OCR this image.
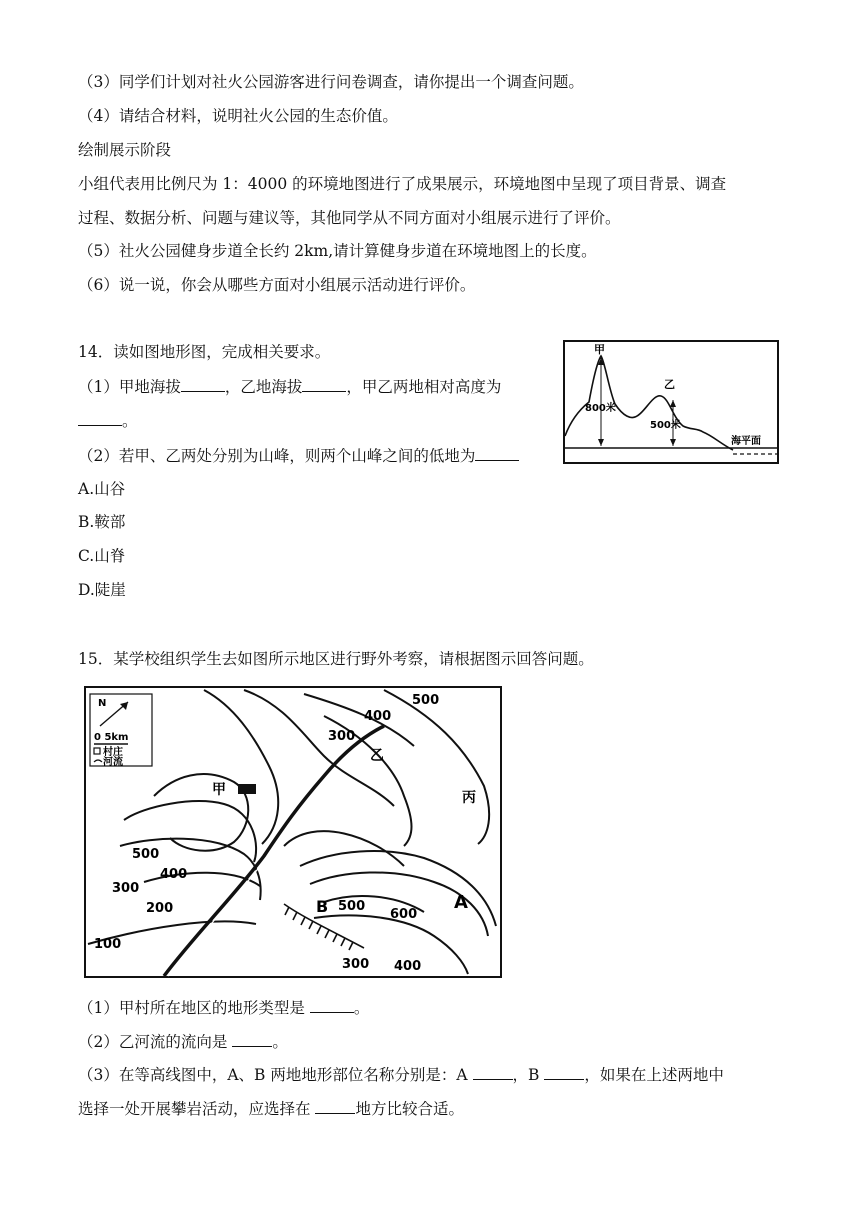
（3）同学们计划对社火公园游客进行问卷调查，请你提出一个调查问题。
（4）请结合材料，说明社火公园的生态价值。
绘制展示阶段
小组代表用比例尺为 1：4000 的环境地图进行了成果展示，环境地图中呈现了项目背景、调查
过程、数据分析、问题与建议等，其他同学从不同方面对小组展示进行了评价。
（5）社火公园健身步道全长约 2km,请计算健身步道在环境地图上的长度。
（6）说一说，你会从哪些方面对小组展示活动进行评价。
14．读如图地形图，完成相关要求。
（1）甲地海拔	，乙地海拔	，甲乙两地相对高度为
。
（2）若甲、乙两处分别为山峰，则两个山峰之间的低地为
A.山谷
B.鞍部
C.山脊
D.陡崖
甲
乙
800米
500米
海平面
15．某学校组织学生去如图所示地区进行野外考察，请根据图示回答问题。
N
0 5km
村庄
河流
甲
乙
丙
A
B
500
400
300
500
400
300
200
100
500
600
400
300
（1）甲村所在地区的地形类型是	。
（2）乙河流的流向是	。
（3）在等高线图中，A、B 两地地形部位名称分别是：A	，B	，如果在上述两地中
选择一处开展攀岩活动，应选择在	地方比较合适。
